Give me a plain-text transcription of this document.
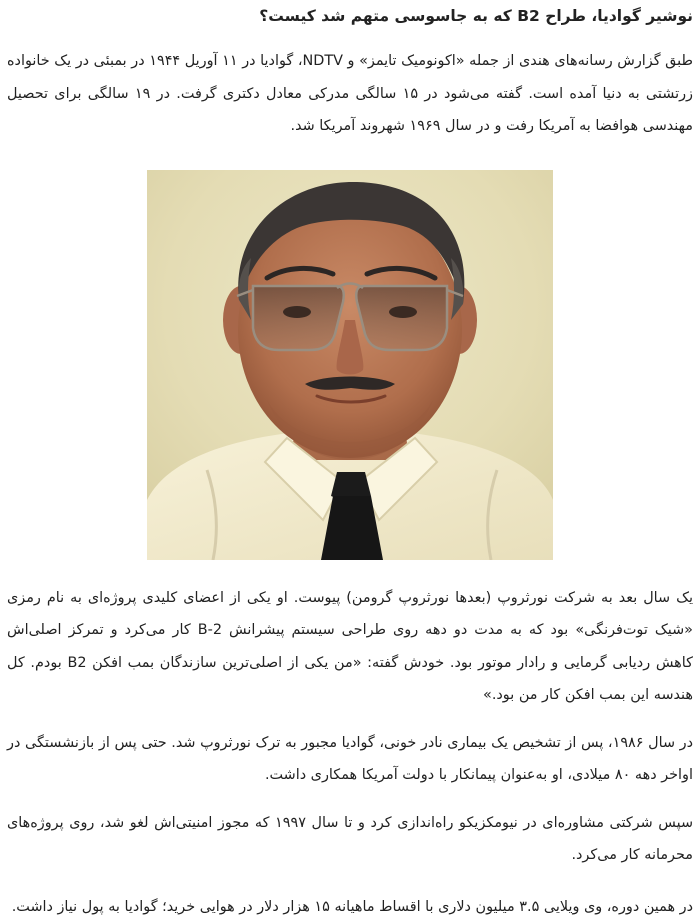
نوشیر گوادیا، طراح B2 که به جاسوسی متهم شد کیست؟

طبق گزارش رسانه‌های هندی از جمله «اکونومیک تایمز» و NDTV، گوادیا در ۱۱ آوریل ۱۹۴۴ در بمبئی در یک خانواده زرتشتی به دنیا آمده است. گفته می‌شود در ۱۵ سالگی مدرکی معادل دکتری گرفت. در ۱۹ سالگی برای تحصیل مهندسی هوافضا به آمریکا رفت و در سال ۱۹۶۹ شهروند آمریکا شد.

یک سال بعد به شرکت نورثروپ (بعدها نورثروپ گرومن) پیوست. او یکی از اعضای کلیدی پروژه‌ای به نام رمزی «شیک توت‌فرنگی» بود که به مدت دو دهه روی طراحی سیستم پیشرانش B-2 کار می‌کرد و تمرکز اصلی‌اش کاهش ردیابی گرمایی و رادار موتور بود. خودش گفته: «من یکی از اصلی‌ترین سازندگان بمب افکن B2 بودم. کل هندسه این بمب افکن کار من بود.»

در سال ۱۹۸۶، پس از تشخیص یک بیماری نادر خونی، گوادیا مجبور به ترک نورثروپ شد. حتی پس از بازنشستگی در اواخر دهه ۸۰ میلادی، او به‌عنوان پیمانکار با دولت آمریکا همکاری داشت.

سپس شرکتی مشاوره‌ای در نیومکزیکو راه‌اندازی کرد و تا سال ۱۹۹۷ که مجوز امنیتی‌اش لغو شد، روی پروژه‌های محرمانه کار می‌کرد.

در همین دوره، وی ویلایی ۳.۵ میلیون دلاری با اقساط ماهیانه ۱۵ هزار دلار در هوایی خرید؛ گوادیا به پول نیاز داشت.
